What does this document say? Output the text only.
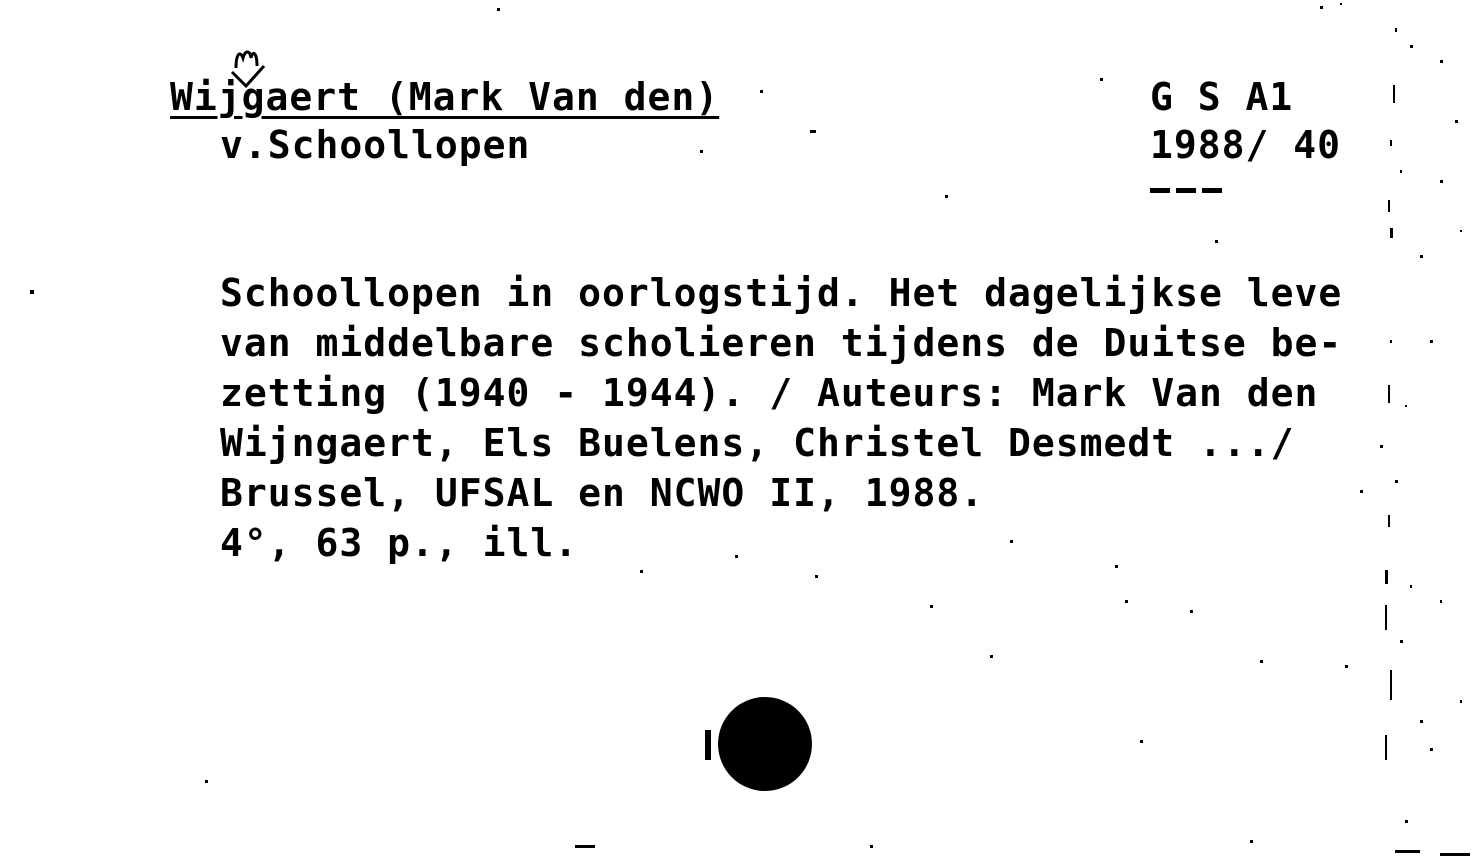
Wijgaert (Mark Van den)
v.Schoollopen
G S A1
1988/ 40
Schoollopen in oorlogstijd. Het dagelijkse leve
van middelbare scholieren tijdens de Duitse be-
zetting (1940 - 1944). / Auteurs: Mark Van den
Wijngaert, Els Buelens, Christel Desmedt .../
Brussel, UFSAL en NCWO II, 1988.
4°, 63 p., ill.
